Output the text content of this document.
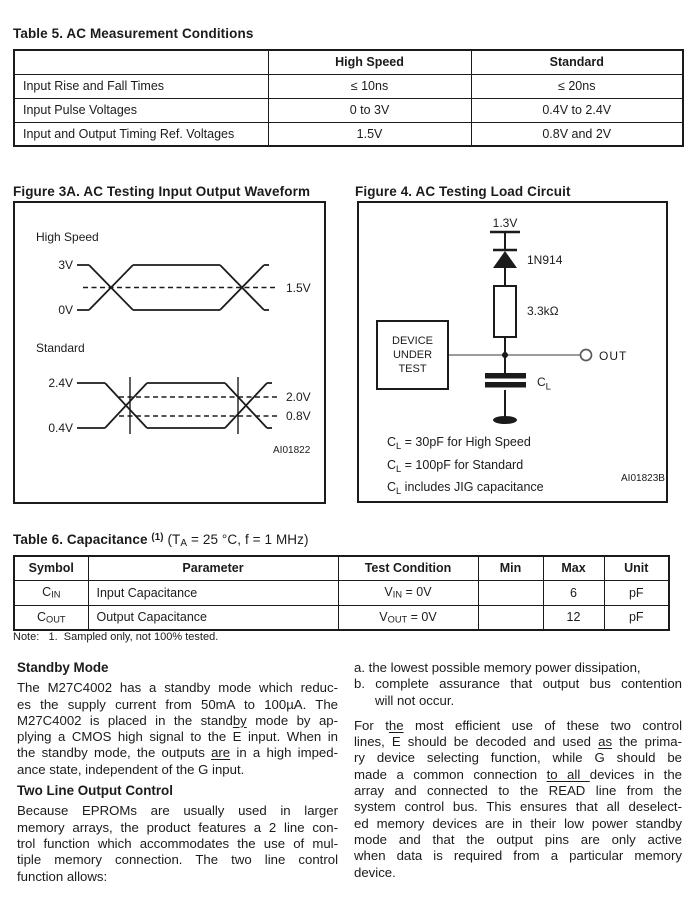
Table 5. AC Measurement Conditions
	High Speed	Standard
Input Rise and Fall Times	≤ 10ns	≤ 20ns
Input Pulse Voltages	0 to 3V	0.4V to 2.4V
Input and Output Timing Ref. Voltages	1.5V	0.8V and 2V
Figure 3A. AC Testing Input Output Waveform	Figure 4. AC Testing Load Circuit
High Speed
3V
0V
1.5V
Standard
2.4V
0.4V
2.0V
0.8V
AI01822
1.3V
1N914
3.3kΩ
OUT
$C_L$
DEVICE
UNDER
TEST
$C_L = 30pF$ for High Speed
$C_L = 100pF$ for Standard
$C_L$ includes JIG capacitance
AI01823B
Table 6. Capacitance $^{(1)}$ (TA = 25 °C, f = 1 MHz)
Symbol	Parameter	Test Condition	Min	Max	Unit
CIN	Input Capacitance	VIN = 0V		6	pF
COUT	Output Capacitance	VOUT = 0V		12	pF
Note:   1.  Sampled only, not 100% tested.
Standby Mode
The M27C4002 has a standby mode which reduc-
es the supply current from 50mA to 100µA. The
M27C4002 is placed in the standby mode by ap-
plying a CMOS high signal to the E input. When in
the standby mode, the outputs are in a high imped-
ance state, independent of the G input.
Two Line Output Control
Because EPROMs are usually used in larger
memory arrays, the product features a 2 line con-
trol function which accommodates the use of mul-
tiple memory connection. The two line control
function allows:
a. the lowest possible memory power dissipation,
b. complete assurance that output bus contention
will not occur.
For the most efficient use of these two control
lines, E should be decoded and used as the prima-
ry device selecting function, while G should be
made a common connection to all devices in the
array and connected to the READ line from the
system control bus. This ensures that all deselect-
ed memory devices are in their low power standby
mode and that the output pins are only active
when data is required from a particular memory
device.
